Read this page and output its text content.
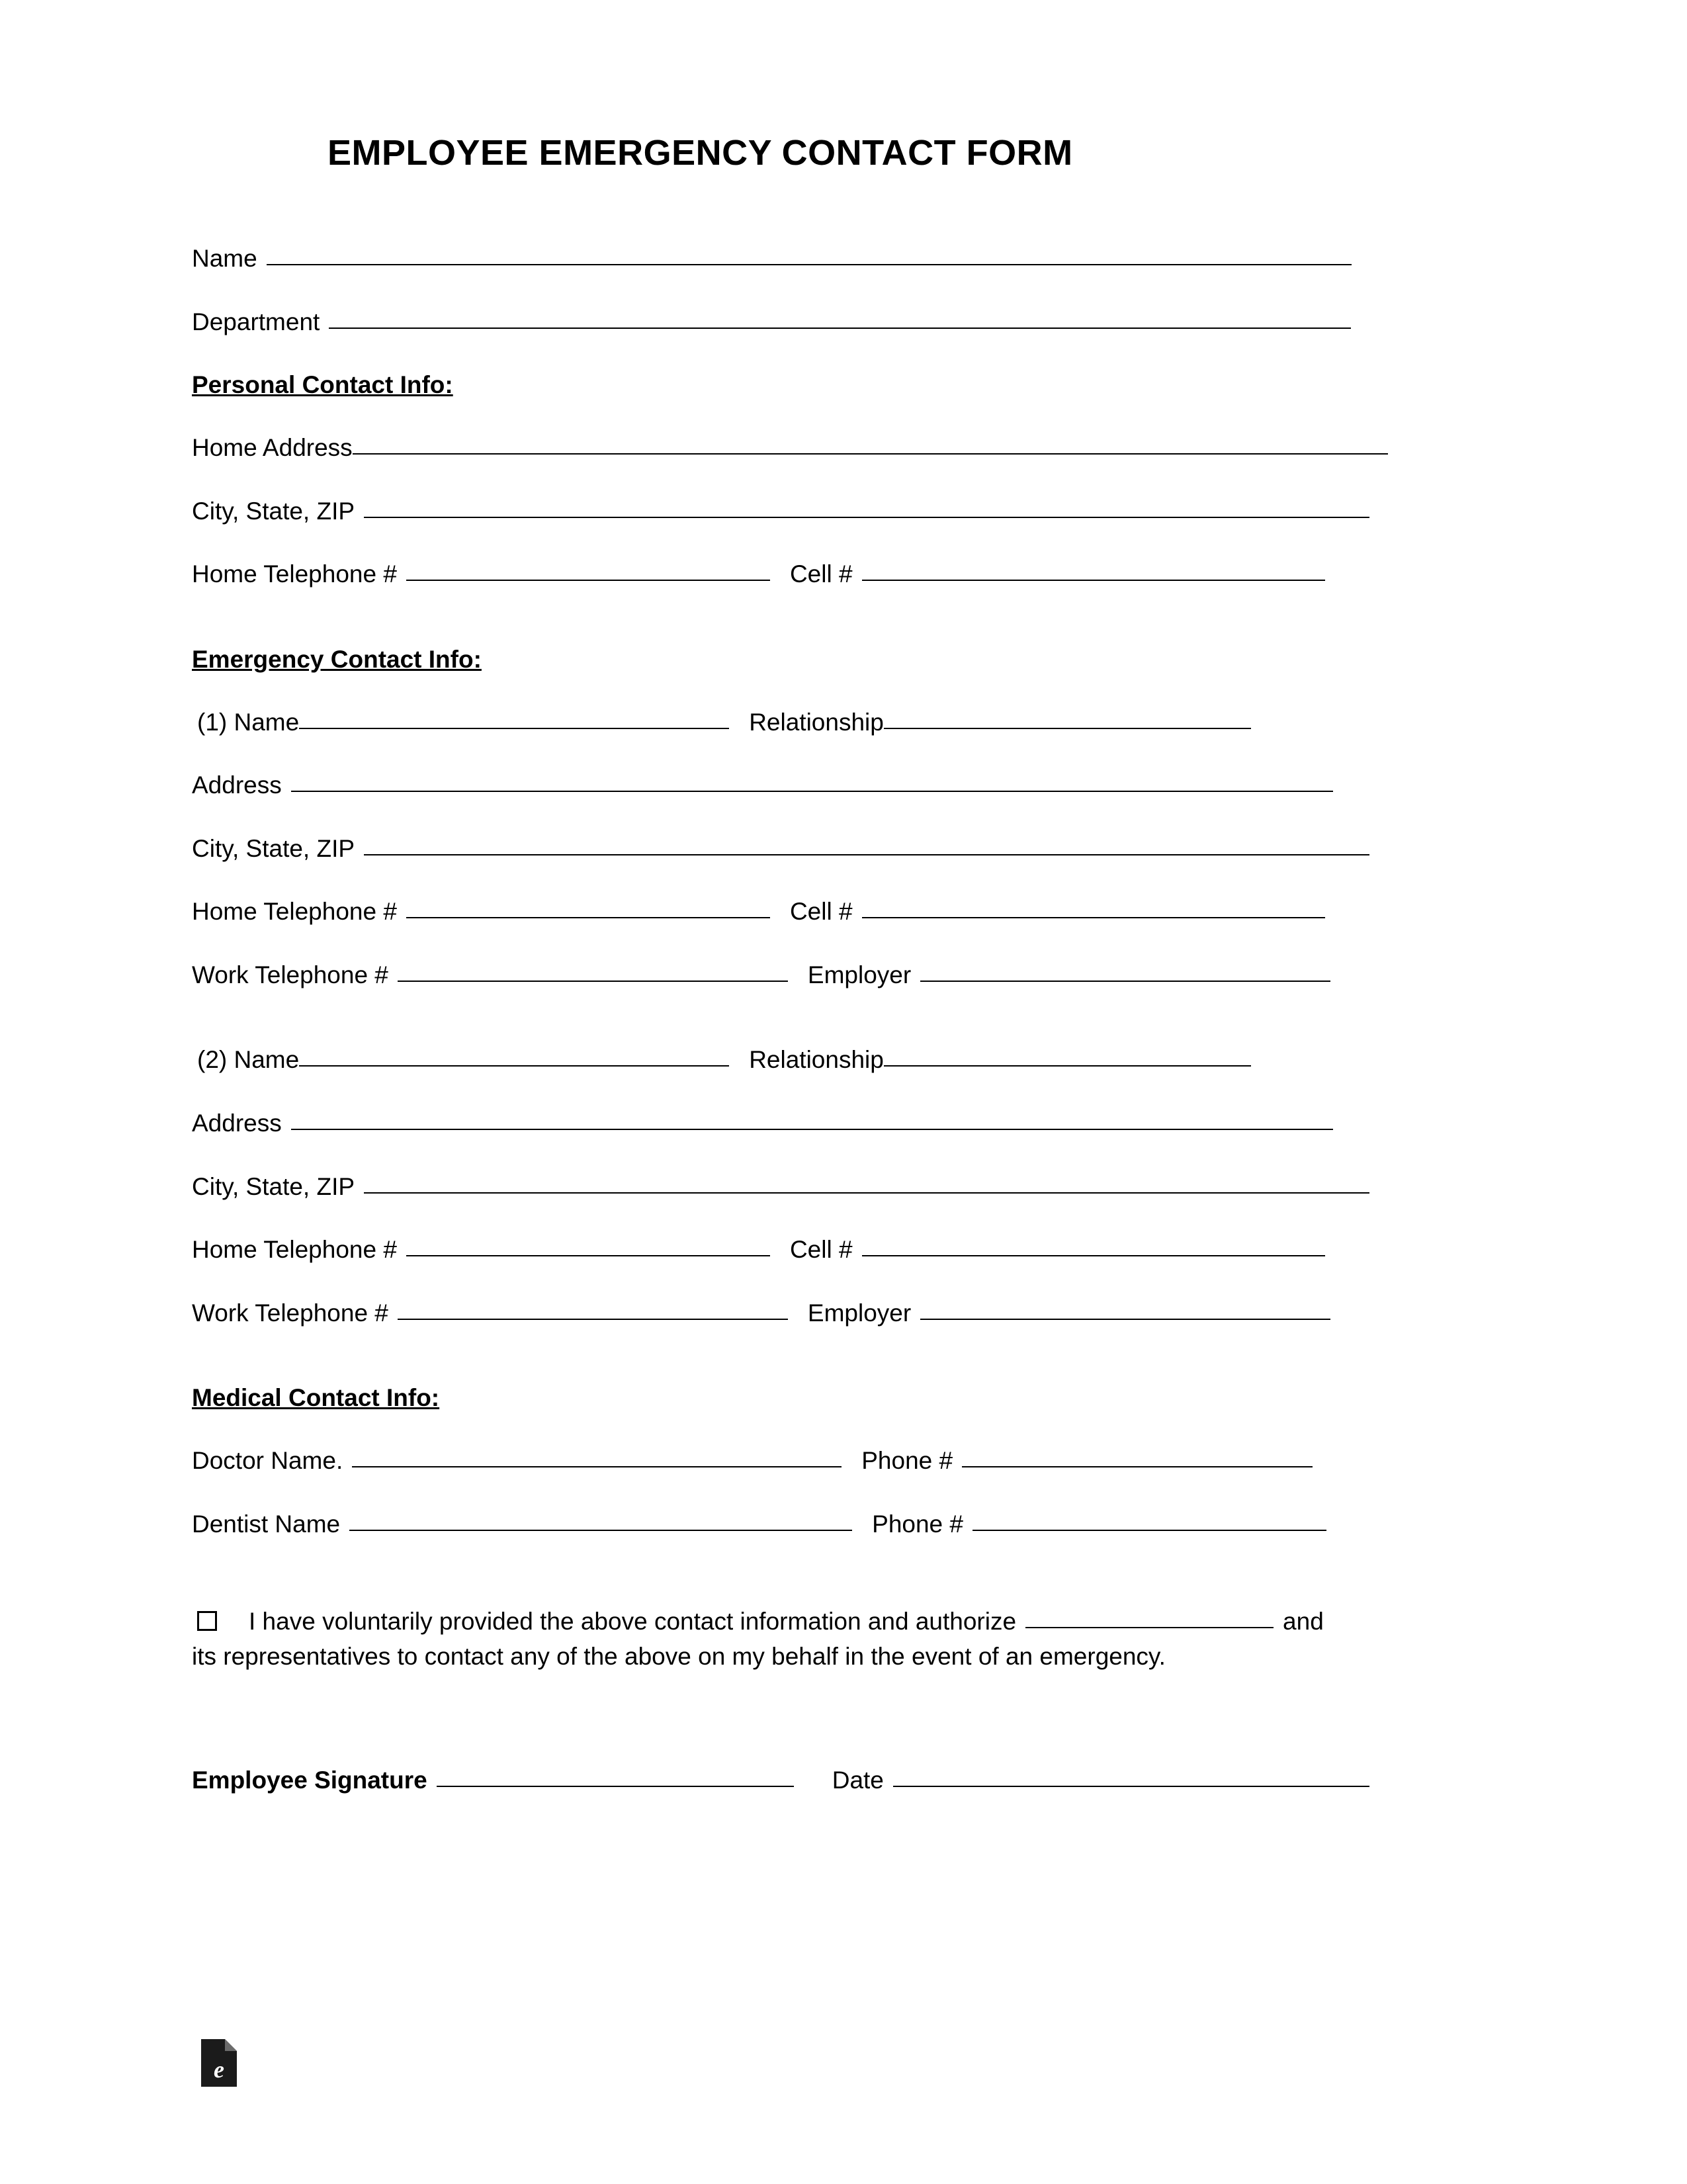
EMPLOYEE EMERGENCY CONTACT FORM
Name
Department
Personal Contact Info:
Home Address
City, State, ZIP
Home Telephone #	Cell #
Emergency Contact Info:
(1) Name	Relationship
Address
City, State, ZIP
Home Telephone #	Cell #
Work Telephone #	Employer
(2) Name	Relationship
Address
City, State, ZIP
Home Telephone #	Cell #
Work Telephone #	Employer
Medical Contact Info:
Doctor Name.	Phone #
Dentist Name	Phone #
I have voluntarily provided the above contact information and authorize	and
its representatives to contact any of the above on my behalf in the event of an emergency.
Employee Signature	Date
e
